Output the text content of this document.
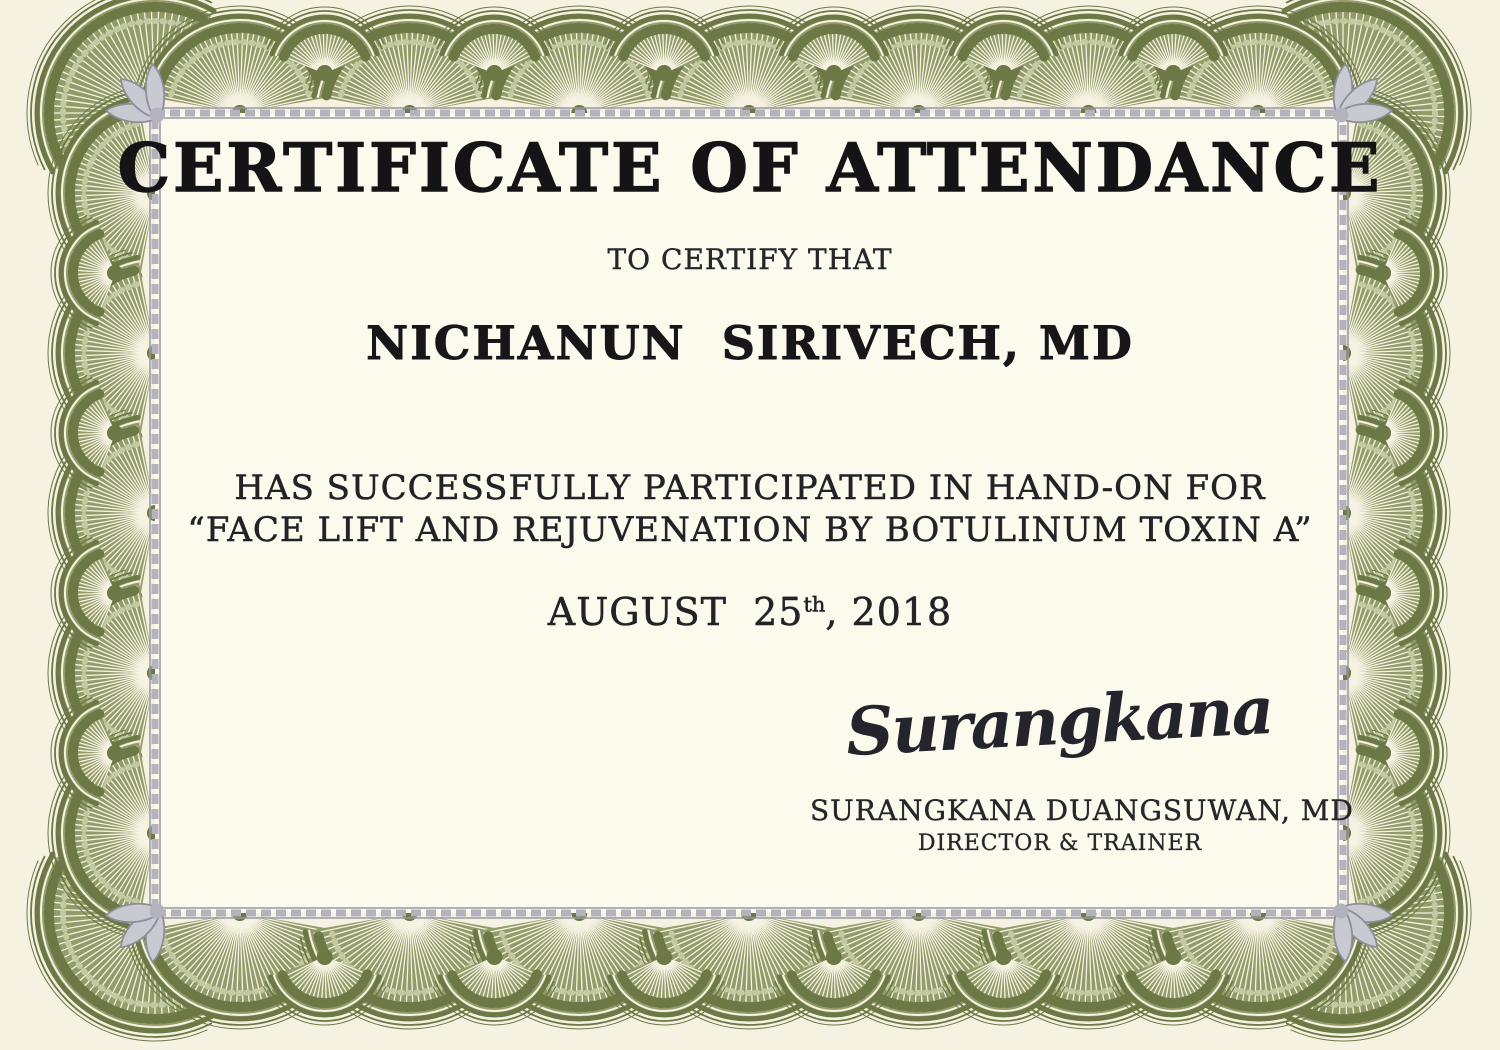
CERTIFICATE OF ATTENDANCE
TO CERTIFY THAT
NICHANUN  SIRIVECH, MD
HAS SUCCESSFULLY PARTICIPATED IN HAND-ON FOR
“FACE LIFT AND REJUVENATION BY BOTULINUM TOXIN A”
AUGUST  25th, 2018
Surangkana
SURANGKANA DUANGSUWAN, MD
DIRECTOR & TRAINER
